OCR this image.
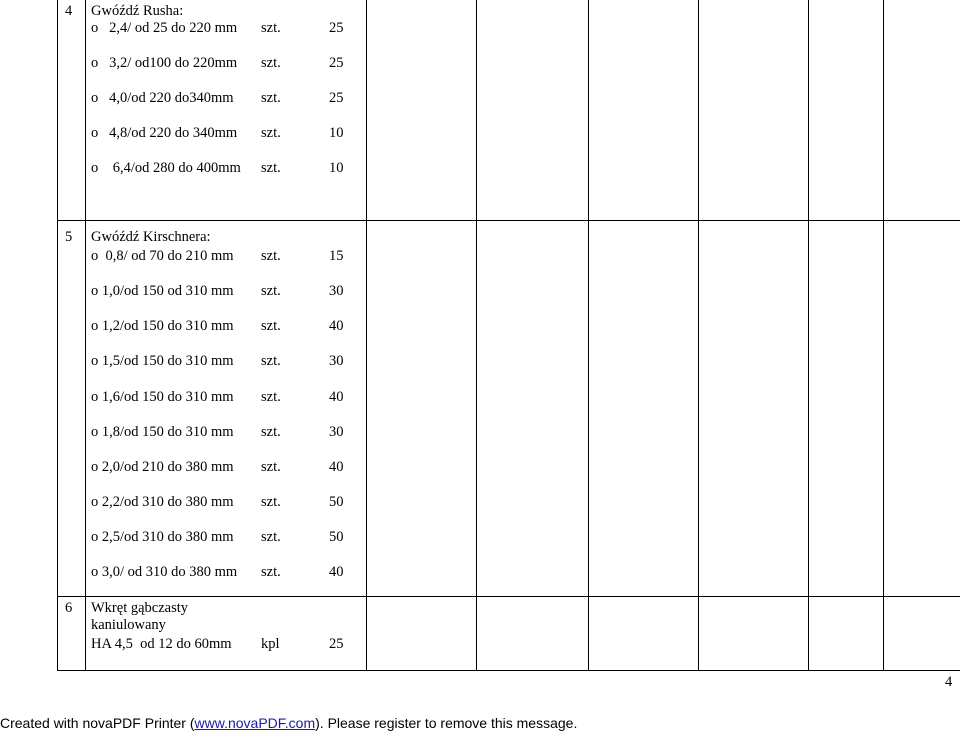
4 Gwóźdź Rusha:
o   2,4/ od 25 do 220 mm szt.	25
o   3,2/ od100 do 220mm szt.	25
o   4,0/od 220 do340mm szt.	25
o   4,8/od 220 do 340mm szt.	10
o    6,4/od 280 do 400mm szt.	10
5 Gwóźdź Kirschnera:
o  0,8/ od 70 do 210 mm szt.	15
o 1,0/od 150 od 310 mm szt.	30
o 1,2/od 150 do 310 mm szt.	40
o 1,5/od 150 do 310 mm szt.	30
o 1,6/od 150 do 310 mm szt.	40
o 1,8/od 150 do 310 mm szt.	30
o 2,0/od 210 do 380 mm szt.	40
o 2,2/od 310 do 380 mm szt.	50
o 2,5/od 310 do 380 mm szt.	50
o 3,0/ od 310 do 380 mm szt.	40
6 Wkręt gąbczasty
kaniulowany
HA 4,5  od 12 do 60mm kpl	25
4
Created with novaPDF Printer (www.novaPDF.com). Please register to remove this message.
